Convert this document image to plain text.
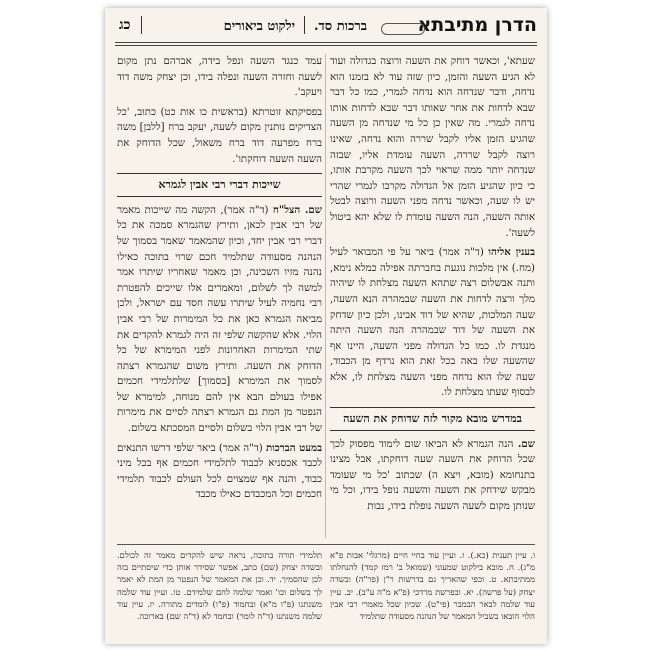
הדרן מתיבתא
ברכות סד.
ילקוט ביאורים
כג

שעתא', וכאשר דוחק את השעה ורוצה בגדולה ועוד לא הגיע השעה והזמן, כיון שזה עוד לא בזמנו הוא נדחה, ודבר שנדחה הוא נדחה לגמרי, כמו כל דבר שבא לדחות את אחר שאותו דבר שבא לדחות אותו נדחה לגמרי. מה שאין כן כל מי שנדחה מן השעה שהגיע הזמן אליו לקבל שררה והוא נדחה, שאינו רוצה לקבל שררה, השעה עומדת אליו, שבזה שנדחה יותר ממה שראוי לכך השעה מקרבת אותו, כי כיון שהגיע הזמן אל הגדולה מקרבו לגמרי שהרי יש לו שעה, וכאשר נדחה מפני השעה ורוצה לבטל אותה השעה, הנה השעה עומדת לו שלא יהא ביטול לשעה'.

בענין אליהו (ד"ה אמר) ביאר על פי המבואר לעיל (מח.) אין מלכות נוגעת בחברתה אפילה כמלא נימא, ותנה אבשלום רצה שתהא השעה מצלחת לו שיהיה מלך ורצה לדחות את השעה שבמהרה הנא השעה, שעה המלכות, שהיא של דוד אבינו, ולכן כיון שדחק את השעה של דוד שבמהרה הנה השעה היתה מנגדת לו. כמו כל הגדולה מפני השעה, היינו אף שהשעה שלו באה בכל זאת הוא נרדף מן הכבוד, שעה שלו הוא נדחה מפני השעה מצלחת לו, אלא לבסוף שעתו מצלחת לו.

במדרש מובא מקור לזה שדוחק את השעה

שם. הנה הגמרא לא הביאו שום לימוד מפסוק לכך שכל הדוחק את השעה שעה דוחקתו, אבל מצינו בתנחומא (מובא, ויצא ה) שכתוב 'כל מי שעומד מבקש שידחק את השעה והשעה נופל בידו, וכל מי שנותן מקום לשעה השעה נופלת בידו, נבות

עמד כנגד השעה ונפל בידה, אברהם נתן מקום לשעה וחזרה השעה ונפלה בידו, וכן יצחק משה דוד ויעקב'.

בפסיקתא זוטרתא (בראשית כו אות כט) כתוב, 'כל הצדיקים נותנין מקום לשעה, יעקב ברח [ללבן] משה ברח מפרעה דוד ברח משאול, שכל הדוחק את השעה השעה דוחקתו'.

שייכות דברי רבי אבין לגמרא

שם. הצל"ח (ד"ה אמר), הקשה מה שייכות מאמר של רבי אבין לכאן, ותירץ שהגמרא סמכה את כל דברי רבי אבין יחד, וכיון שהמאמר שאמר בסמוך של הנהנה מסעודה שתלמיד חכם שרוי בתוכה כאילו נהנה מזיו השכינה, וכן מאמר שאחריו שיתרו אמר למשה לך לשלום, ומאמרים אלו שייכים להפטרת רבי נחמיה לעיל שיתרו עשה חסד עם ישראל, ולכן מביאה הגמרא כאן את כל המימרות של רבי אבין הלוי. אלא שהקשה שלפי זה היה לגמרא להקדים את שתי המימרות האחרונות לפני המימרא של כל הדוחק את השעה. ותירץ משום שהגמרא רצתה לסמוך את המימרא [בסמוך] שלתלמידי חכמים אפילו בעולם הבא אין להם מנוחה, למימרא של הנפטר מן המת גם הגמרא רצתה לסיים את מימרות של רבי אבין הלוי בשלום ולסיים המסכתא בשלום.

במעט הברכות (ד"ה אמר) ביאר שלפי דרשו התנאים לכבד אכסניא לכבוד לתלמידי חכמים אף בכל מיני כבוד, והנה אף שמצוים לכל העולם לכבוד תלמידי חכמים וכל המכבדם כאילו מכבד

ו. עיין תענית (כא.). ז. ועיין עוד בחיי חיים (מרגלי' אבות פ"א מ"ג). ח. מובא בילקוט שמעוני (שמואל ב' רמז קמד) להנחלתו ממתיבתא. ט. וכפי שהאריך גם בדרשות ר"ן (פר"ה) ובשדה יצחק (על פרשה). יא. ובפרשת מרדכי (פ"א מ"ה ע"ב). יב. עיין עוד שלמה לבאר הבמבר (פי"ט). שכיון שכל מאמרי רבי אבין הלוי הובאו בשביל המאמר של הנהנה מסעודה שתלמיד
תלמידי תורה בתוכה, נראה שיש להקדים מאמר זה לכולם. ובשדה יצחק (שם) כתב, אפשר שסידר אותן כדי שיסתיים בזה לכן שהסמיך. יד. וכן את המאמר של הנפטר מן המת לא יאמר לך בשלום וכו' ואמר שלמה להם שלמידם. טו. ועיין עוד שלמה משנתנו (פ"ו מ"א) ובחמוד (פ"ו) לומדים מתורה. יז. עיין עוד שלמה משנתנו (ד"ה לומר) ובחמד לא (ד"ה שם) בארוכה.
